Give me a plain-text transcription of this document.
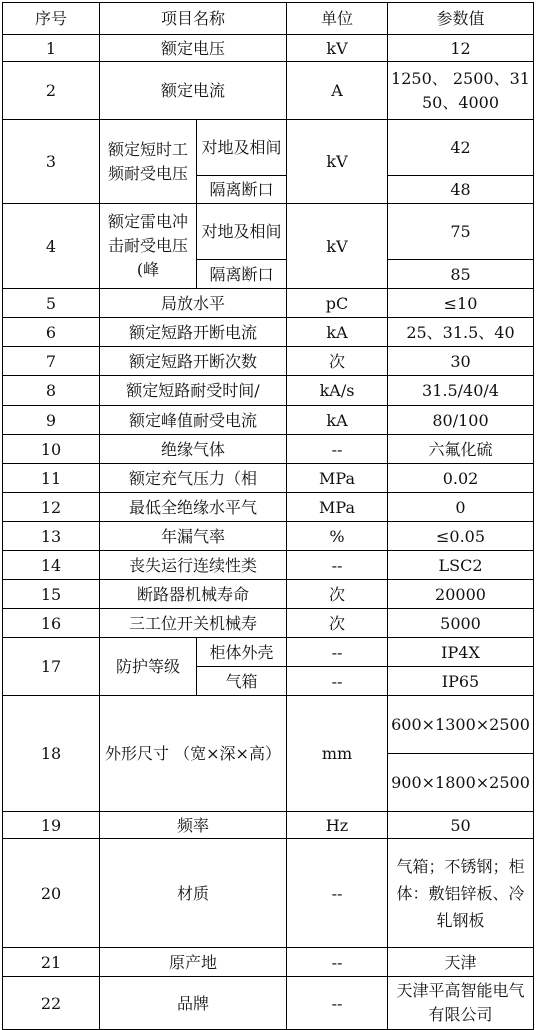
序号	项目名称		单位	参数值
1	额定电压		kV	12
2	额定电流		A	1250、 2500、3150、4000
3	额定短时工频耐受电压	对地及相间	kV	42
		隔离断口		48
4	额定雷电冲击耐受电压(峰	对地及相间	kV	75
		隔离断口		85
5	局放水平		pC	≤10
6	额定短路开断电流		kA	25、31.5、40
7	额定短路开断次数		次	30
8	额定短路耐受时间/		kA/s	31.5/40/4
9	额定峰值耐受电流		kA	80/100
10	绝缘气体		--	六氟化硫
11	额定充气压力（相		MPa	0.02
12	最低全绝缘水平气		MPa	0
13	年漏气率		%	≤0.05
14	丧失运行连续性类		--	LSC2
15	断路器机械寿命		次	20000
16	三工位开关机械寿		次	5000
17	防护等级	柜体外壳	--	IP4X
		气箱	--	IP65
18	外形尺寸 （宽×深×高）		mm	600×1300×2500
				900×1800×2500
19	频率		Hz	50
20	材质		--	气箱；不锈钢；柜体：敷铝锌板、冷轧钢板
21	原产地		--	天津
22	品牌		--	天津平高智能电气有限公司
